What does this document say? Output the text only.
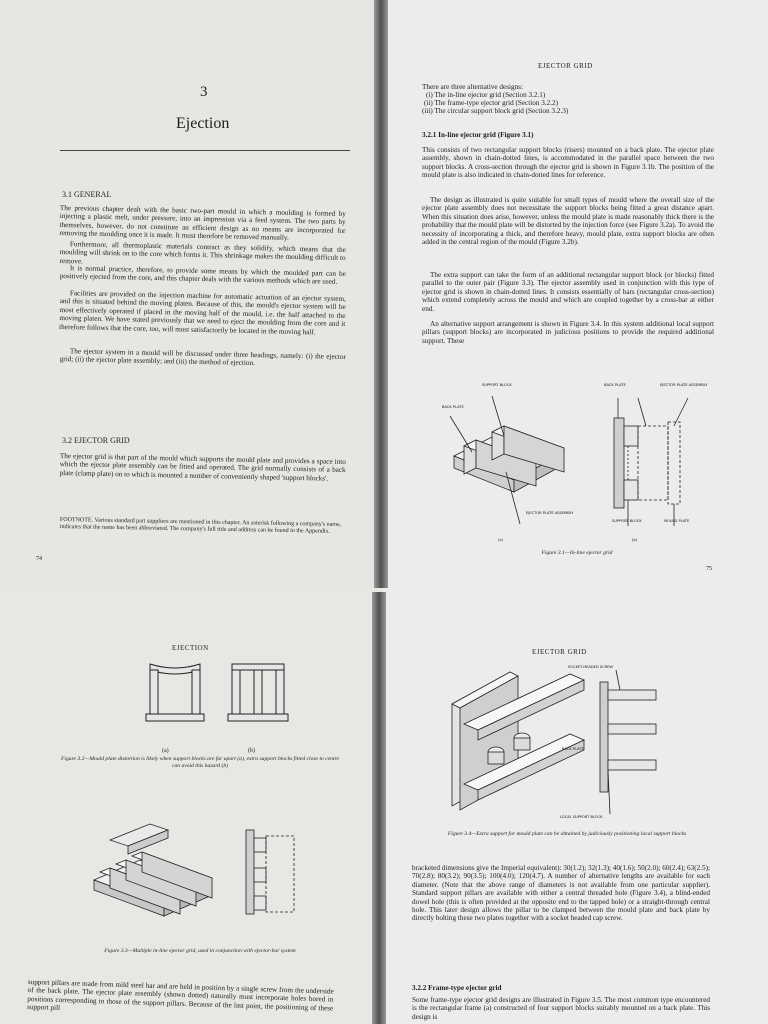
3
Ejection
3.1 GENERAL
The previous chapter dealt with the basic two-part mould in which a moulding is formed by injecting a plastic melt, under pressure, into an impression via a feed system. The two parts by themselves, however, do not constitute an efficient design as no means are incorporated for removing the moulding once it is made. It must therefore be removed manually.
Furthermore, all thermoplastic materials contract as they solidify, which means that the moulding will shrink on to the core which forms it. This shrinkage makes the moulding difficult to remove.
It is normal practice, therefore, to provide some means by which the moulded part can be positively ejected from the core, and this chapter deals with the various methods which are used.
Facilities are provided on the injection machine for automatic actuation of an ejector system, and this is situated behind the moving platen. Because of this, the mould's ejector system will be most effectively operated if placed in the moving half of the mould, i.e. the half attached to the moving platen. We have stated previously that we need to eject the moulding from the core and it therefore follows that the core, too, will most satisfactorily be located in the moving half.
The ejector system in a mould will be discussed under three headings, namely: (i) the ejector grid; (ii) the ejector plate assembly; and (iii) the method of ejection.
3.2 EJECTOR GRID
The ejector grid is that part of the mould which supports the mould plate and provides a space into which the ejector plate assembly can be fitted and operated. The grid normally consists of a back plate (clamp plate) on to which is mounted a number of conveniently shaped 'support blocks'.
FOOTNOTE. Various standard part suppliers are mentioned in this chapter. An asterisk following a company's name, indicates that the name has been abbreviated. The company's full title and address can be found in the Appendix.
74
EJECTOR GRID
There are three alternative designs:
(i) The in-line ejector grid (Section 3.2.1)
(ii) The frame-type ejector grid (Section 3.2.2)
(iii) The circular support block grid (Section 3.2.3)
3.2.1 In-line ejector grid (Figure 3.1)
This consists of two rectangular support blocks (risers) mounted on a back plate. The ejector plate assembly, shown in chain-dotted lines, is accommodated in the parallel space between the two support blocks. A cross-section through the ejector grid is shown in Figure 3.1b. The position of the mould plate is also indicated in chain-dotted lines for reference.
The design as illustrated is quite suitable for small types of mould where the overall size of the ejector plate assembly does not necessitate the support blocks being fitted a great distance apart. When this situation does arise, however, unless the mould plate is made reasonably thick there is the probability that the mould plate will be distorted by the injection force (see Figure 3.2a). To avoid the necessity of incorporating a thick, and therefore heavy, mould plate, extra support blocks are often added in the central region of the mould (Figure 3.2b).
The extra support can take the form of an additional rectangular support block (or blocks) fitted parallel to the outer pair (Figure 3.3). The ejector assembly used in conjunction with this type of ejector grid is shown in chain-dotted lines. It consists essentially of bars (rectangular cross-section) which extend completely across the mould and which are coupled together by a cross-bar at either end.
An alternative support arrangement is shown in Figure 3.4. In this system additional local support pillars (support blocks) are incorporated in judicious positions to provide the required additional support. These
SUPPORT BLOCK
BACK PLATE
EJECTOR PLATE ASSEMBLY
(a)
BACK PLATE	EJECTOR PLATE ASSEMBLY
SUPPORT BLOCK	MOULD PLATE
(b)
Figure 3.1—In-line ejector grid
75
EJECTION
(a)	(b)
Figure 3.2—Mould plate distortion is likely when support blocks are far apart (a), extra support blocks fitted close to centre can avoid this hazard (b)
Figure 3.3—Multiple in-line ejector grid, used in conjunction with ejector-bar system
support pillars are made from mild steel bar and are held in position by a single screw from the underside of the back plate. The ejector plate assembly (shown dotted) naturally must incorporate holes bored in positions corresponding to those of the support pillars. Because of the last point, the positioning of these support pill
EJECTOR GRID
SOCKET-HEADED SCREW
BACK PLATE
LOCAL SUPPORT BLOCK
Figure 3.4—Extra support for mould plate can be obtained by judiciously positioning local support blocks
bracketed dimensions give the Imperial equivalent): 30(1.2); 32(1.3); 40(1.6); 50(2.0); 60(2.4); 63(2.5); 70(2.8); 80(3.2); 90(3.5); 100(4.0); 120(4.7). A number of alternative lengths are available for each diameter. (Note that the above range of diameters is not available from one particular supplier). Standard support pillars are available with either a central threaded hole (Figure 3.4), a blind-ended dowel hole (this is often provided at the opposite end to the tapped hole) or a straight-through central hole. This later design allows the pillar to be clamped between the mould plate and back plate by directly bolting these two plates together with a socket headed cap screw.
3.2.2 Frame-type ejector grid
Some frame-type ejector grid designs are illustrated in Figure 3.5. The most common type encountered is the rectangular frame (a) constructed of four support blocks suitably mounted on a back plate. This design is
